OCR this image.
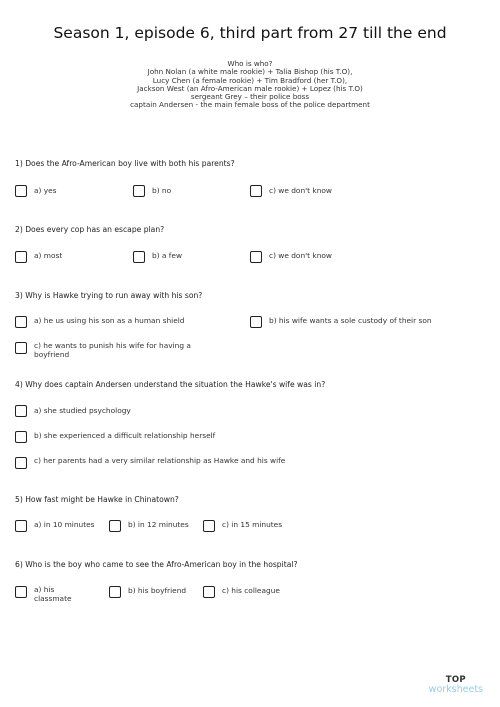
Season 1, episode 6, third part from 27 till the end
Who is who?
John Nolan (a white male rookie) + Talia Bishop (his T.O),
Lucy Chen (a female rookie) + Tim Bradford (her T.O),
Jackson West (an Afro-American male rookie) + Lopez (his T.O)
sergeant Grey – their police boss
captain Andersen - the main female boss of the police department
1) Does the Afro-American boy live with both his parents?
a) yes	b) no	c) we don't know
2) Does every cop has an escape plan?
a) most	b) a few	c) we don't know
3) Why is Hawke trying to run away with his son?
a) he us using his son as a human shield	b) his wife wants a sole custody of their son
c) he wants to punish his wife for having a boyfriend
4) Why does captain Andersen understand the situation the Hawke's wife was in?
a) she studied psychology
b) she experienced a difficult relationship herself
c) her parents had a very similar relationship as Hawke and his wife
5) How fast might be Hawke in Chinatown?
a) in 10 minutes	b) in 12 minutes	c) in 15 minutes
6) Who is the boy who came to see the Afro-American boy in the hospital?
a) his classmate
b) his boyfriend	c) his colleague
TOP
worksheets
